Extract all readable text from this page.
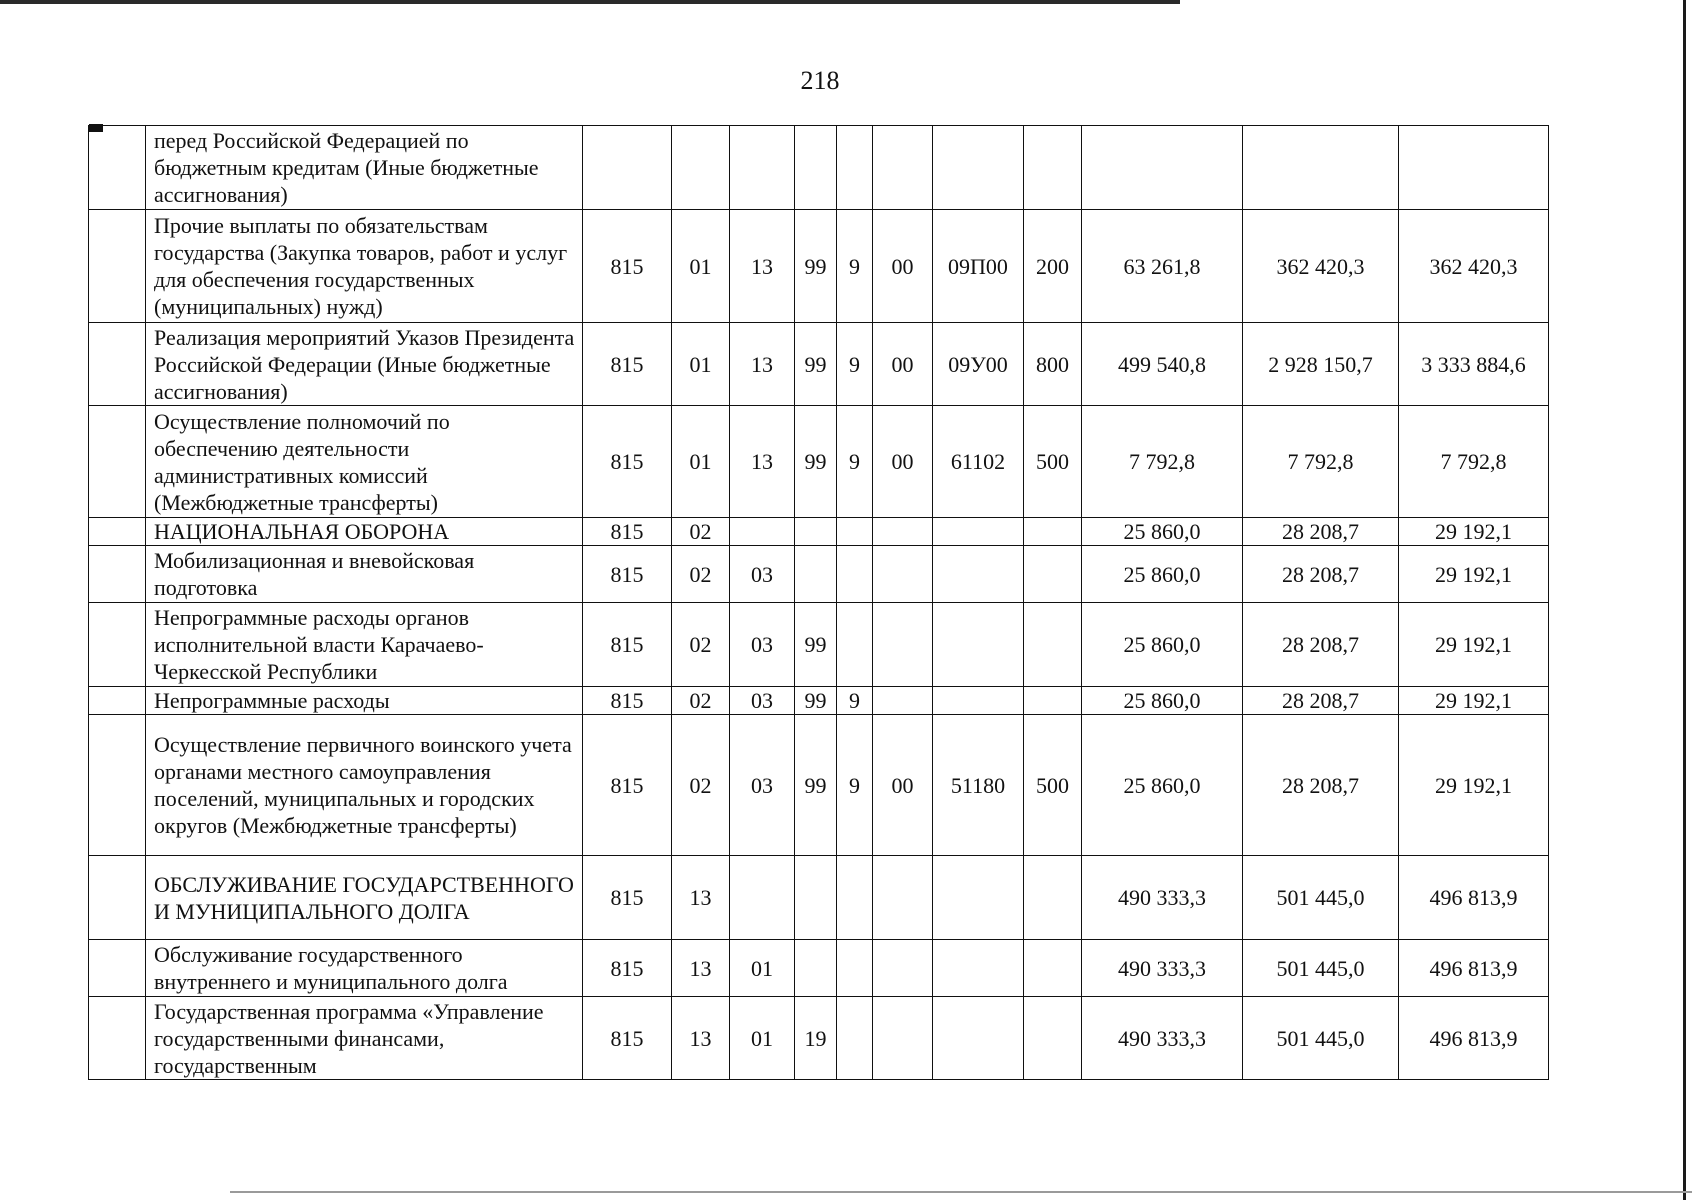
218
	перед Российской Федерацией по бюджетным кредитам (Иные бюджетные ассигнования)											
	Прочие выплаты по обязательствам государства (Закупка товаров, работ и услуг для обеспечения государственных (муниципальных) нужд)	815	01	13	99	9	00	09П00	200	63 261,8	362 420,3	362 420,3
	Реализация мероприятий Указов Президента Российской Федерации (Иные бюджетные ассигнования)	815	01	13	99	9	00	09У00	800	499 540,8	2 928 150,7	3 333 884,6
	Осуществление полномочий по обеспечению деятельности административных комиссий (Межбюджетные трансферты)	815	01	13	99	9	00	61102	500	7 792,8	7 792,8	7 792,8
	НАЦИОНАЛЬНАЯ ОБОРОНА	815	02							25 860,0	28 208,7	29 192,1
	Мобилизационная и вневойсковая подготовка	815	02	03						25 860,0	28 208,7	29 192,1
	Непрограммные расходы органов исполнительной власти Карачаево-Черкесской Республики	815	02	03	99					25 860,0	28 208,7	29 192,1
	Непрограммные расходы	815	02	03	99	9				25 860,0	28 208,7	29 192,1
	Осуществление первичного воинского учета органами местного самоуправления поселений, муниципальных и городских округов (Межбюджетные трансферты)	815	02	03	99	9	00	51180	500	25 860,0	28 208,7	29 192,1
	ОБСЛУЖИВАНИЕ ГОСУДАРСТВЕННОГО И МУНИЦИПАЛЬНОГО ДОЛГА	815	13							490 333,3	501 445,0	496 813,9
	Обслуживание государственного внутреннего и муниципального долга	815	13	01						490 333,3	501 445,0	496 813,9
	Государственная программа «Управление государственными финансами, государственным	815	13	01	19					490 333,3	501 445,0	496 813,9
